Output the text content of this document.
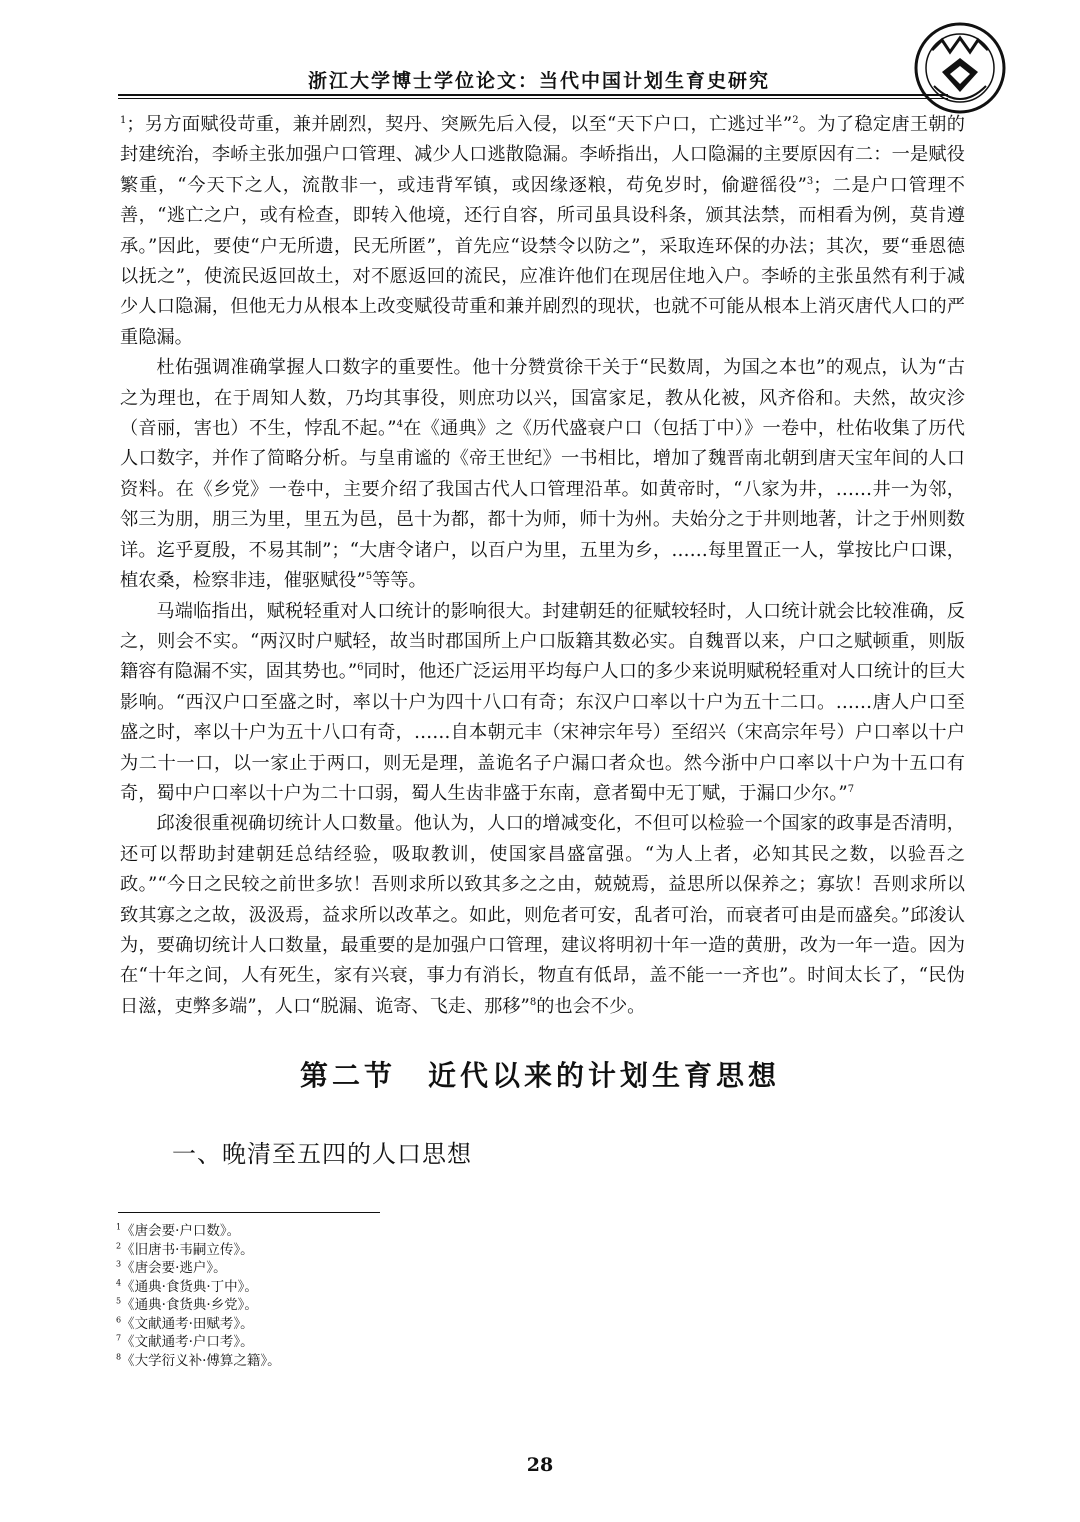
浙江大学博士学位论文：当代中国计划生育史研究

$^1$；另方面赋役苛重，兼并剧烈，契丹、突厥先后入侵，以至“天下户口，亡逃过半”$^2$。为了稳定唐王朝的封建统治，李峤主张加强户口管理、减少人口逃散隐漏。李峤指出，人口隐漏的主要原因有二：一是赋役繁重，“今天下之人，流散非一，或违背军镇，或因缘逐粮，苟免岁时，偷避徭役”$^3$；二是户口管理不善，“逃亡之户，或有检查，即转入他境，还行自容，所司虽具设科条，颁其法禁，而相看为例，莫肯遵承。”因此，要使“户无所遗，民无所匿”，首先应“设禁令以防之”，采取连环保的办法；其次，要“垂恩德以抚之”，使流民返回故土，对不愿返回的流民，应准许他们在现居住地入户。李峤的主张虽然有利于减少人口隐漏，但他无力从根本上改变赋役苛重和兼并剧烈的现状，也就不可能从根本上消灭唐代人口的严重隐漏。

杜佑强调准确掌握人口数字的重要性。他十分赞赏徐干关于“民数周，为国之本也”的观点，认为“古之为理也，在于周知人数，乃均其事役，则庶功以兴，国富家足，教从化被，风齐俗和。夫然，故灾沴（音丽，害也）不生，悖乱不起。”$^4$在《通典》之《历代盛衰户口（包括丁中）》一卷中，杜佑收集了历代人口数字，并作了简略分析。与皇甫谧的《帝王世纪》一书相比，增加了魏晋南北朝到唐天宝年间的人口资料。在《乡党》一卷中，主要介绍了我国古代人口管理沿革。如黄帝时，“八家为井，……井一为邻，邻三为朋，朋三为里，里五为邑，邑十为都，都十为师，师十为州。夫始分之于井则地著，计之于州则数详。迄乎夏殷，不易其制”；“大唐令诸户，以百户为里，五里为乡，……每里置正一人，掌按比户口课，植农桑，检察非违，催驱赋役”$^5$等等。

马端临指出，赋税轻重对人口统计的影响很大。封建朝廷的征赋较轻时，人口统计就会比较准确，反之，则会不实。“两汉时户赋轻，故当时郡国所上户口版籍其数必实。自魏晋以来，户口之赋顿重，则版籍容有隐漏不实，固其势也。”$^6$同时，他还广泛运用平均每户人口的多少来说明赋税轻重对人口统计的巨大影响。“西汉户口至盛之时，率以十户为四十八口有奇；东汉户口率以十户为五十二口。……唐人户口至盛之时，率以十户为五十八口有奇，……自本朝元丰（宋神宗年号）至绍兴（宋高宗年号）户口率以十户为二十一口，以一家止于两口，则无是理，盖诡名子户漏口者众也。然今浙中户口率以十户为十五口有奇，蜀中户口率以十户为二十口弱，蜀人生齿非盛于东南，意者蜀中无丁赋，于漏口少尔。”$^7$

邱浚很重视确切统计人口数量。他认为，人口的增减变化，不但可以检验一个国家的政事是否清明，还可以帮助封建朝廷总结经验，吸取教训，使国家昌盛富强。“为人上者，必知其民之数，以验吾之政。”“今日之民较之前世多欤！吾则求所以致其多之之由，兢兢焉，益思所以保养之；寡欤！吾则求所以致其寡之之故，汲汲焉，益求所以改革之。如此，则危者可安，乱者可治，而衰者可由是而盛矣。”邱浚认为，要确切统计人口数量，最重要的是加强户口管理，建议将明初十年一造的黄册，改为一年一造。因为在“十年之间，人有死生，家有兴衰，事力有消长，物直有低昂，盖不能一一齐也”。时间太长了，“民伪日滋，吏弊多端”，人口“脱漏、诡寄、飞走、那移”$^8$的也会不少。

第二节　近代以来的计划生育思想
一、晚清至五四的人口思想
$^1$《唐会要·户口数》。
$^2$《旧唐书·韦嗣立传》。
$^3$《唐会要·逃户》。
$^4$《通典·食货典·丁中》。
$^5$《通典·食货典·乡党》。
$^6$《文献通考·田赋考》。
$^7$《文献通考·户口考》。
$^8$《大学衍义补·傅算之籍》。
28
